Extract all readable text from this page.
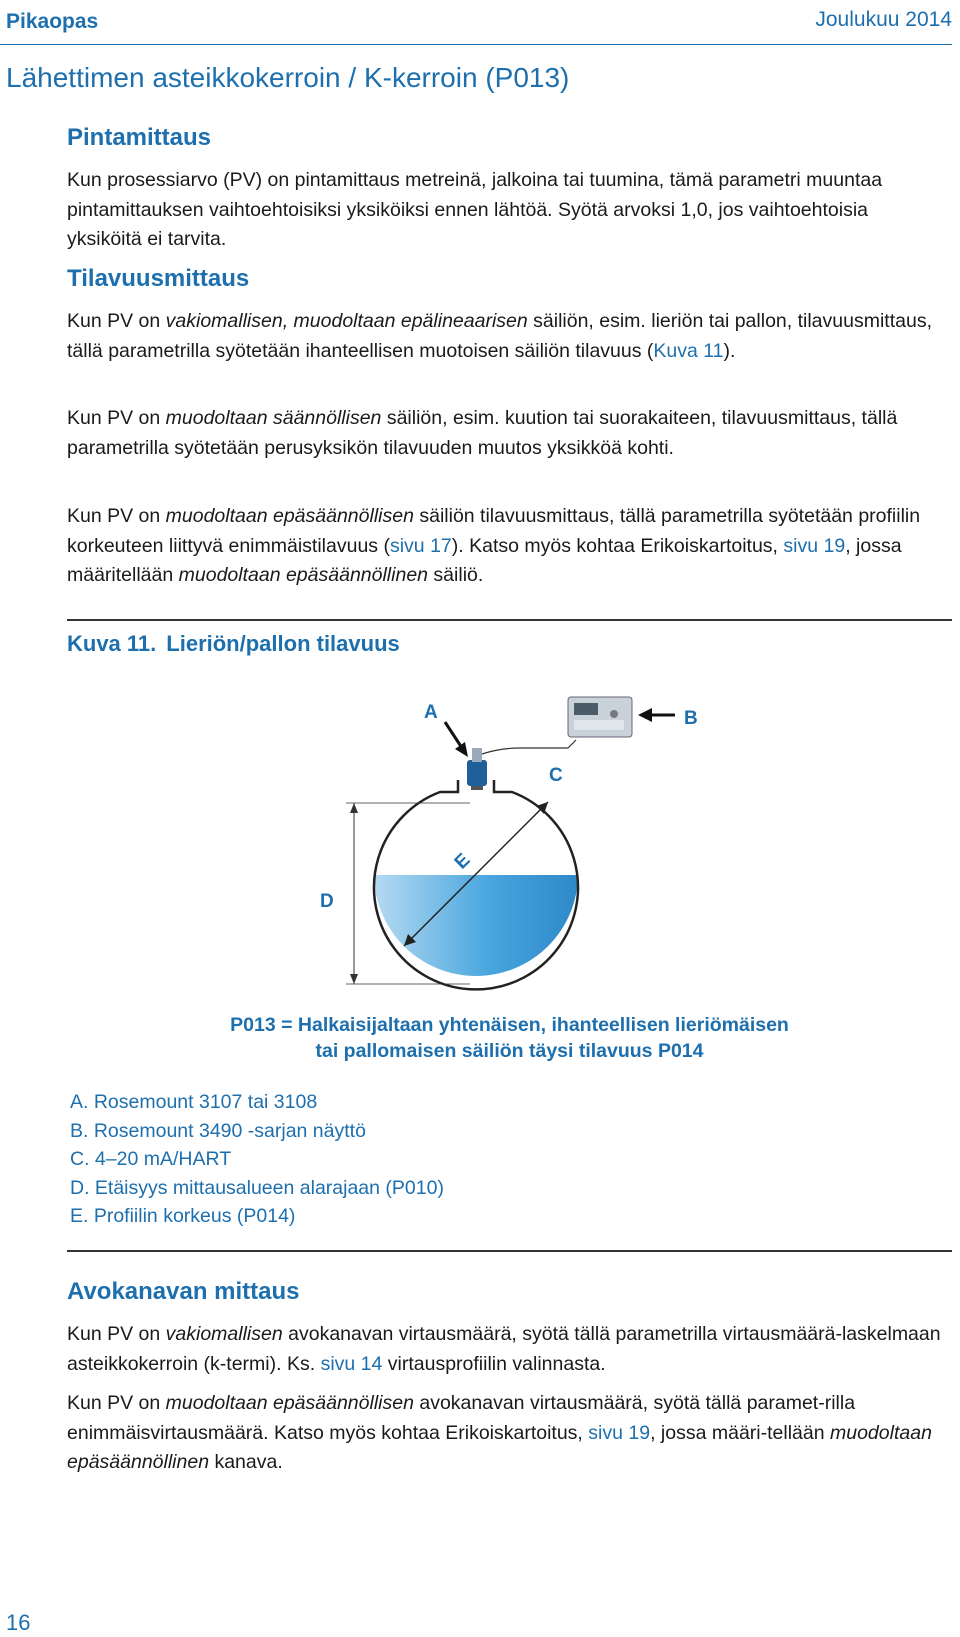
Pikaopas	Joulukuu 2014
Lähettimen asteikkokerroin / K-kerroin (P013)
Pintamittaus
Kun prosessiarvo (PV) on pintamittaus metreinä, jalkoina tai tuumina, tämä parametri muuntaa pintamittauksen vaihtoehtoisiksi yksiköiksi ennen lähtöä. Syötä arvoksi 1,0, jos vaihtoehtoisia yksiköitä ei tarvita.
Tilavuusmittaus
Kun PV on vakiomallisen, muodoltaan epälineaarisen säiliön, esim. lieriön tai pallon, tilavuusmittaus, tällä parametrilla syötetään ihanteellisen muotoisen säiliön tilavuus (Kuva 11).
Kun PV on muodoltaan säännöllisen säiliön, esim. kuution tai suorakaiteen, tilavuusmittaus, tällä parametrilla syötetään perusyksikön tilavuuden muutos yksikköä kohti.
Kun PV on muodoltaan epäsäännöllisen säiliön tilavuusmittaus, tällä parametrilla syötetään profiilin korkeuteen liittyvä enimmäistilavuus (sivu 17). Katso myös kohtaa Erikoiskartoitus, sivu 19, jossa määritellään muodoltaan epäsäännöllinen säiliö.
Kuva 11. Lieriön/pallon tilavuus
A	B
C
D
E
P013 = Halkaisijaltaan yhtenäisen, ihanteellisen lieriömäisen
tai pallomaisen säiliön täysi tilavuus P014
A. Rosemount 3107 tai 3108
B. Rosemount 3490 -sarjan näyttö
C. 4–20 mA/HART
D. Etäisyys mittausalueen alarajaan (P010)
E. Profiilin korkeus (P014)
Avokanavan mittaus
Kun PV on vakiomallisen avokanavan virtausmäärä, syötä tällä parametrilla virtausmäärä-laskelmaan asteikkokerroin (k-termi). Ks. sivu 14 virtausprofiilin valinnasta.
Kun PV on muodoltaan epäsäännöllisen avokanavan virtausmäärä, syötä tällä paramet-rilla enimmäisvirtausmäärä. Katso myös kohtaa Erikoiskartoitus, sivu 19, jossa määri-tellään muodoltaan epäsäännöllinen kanava.
16
